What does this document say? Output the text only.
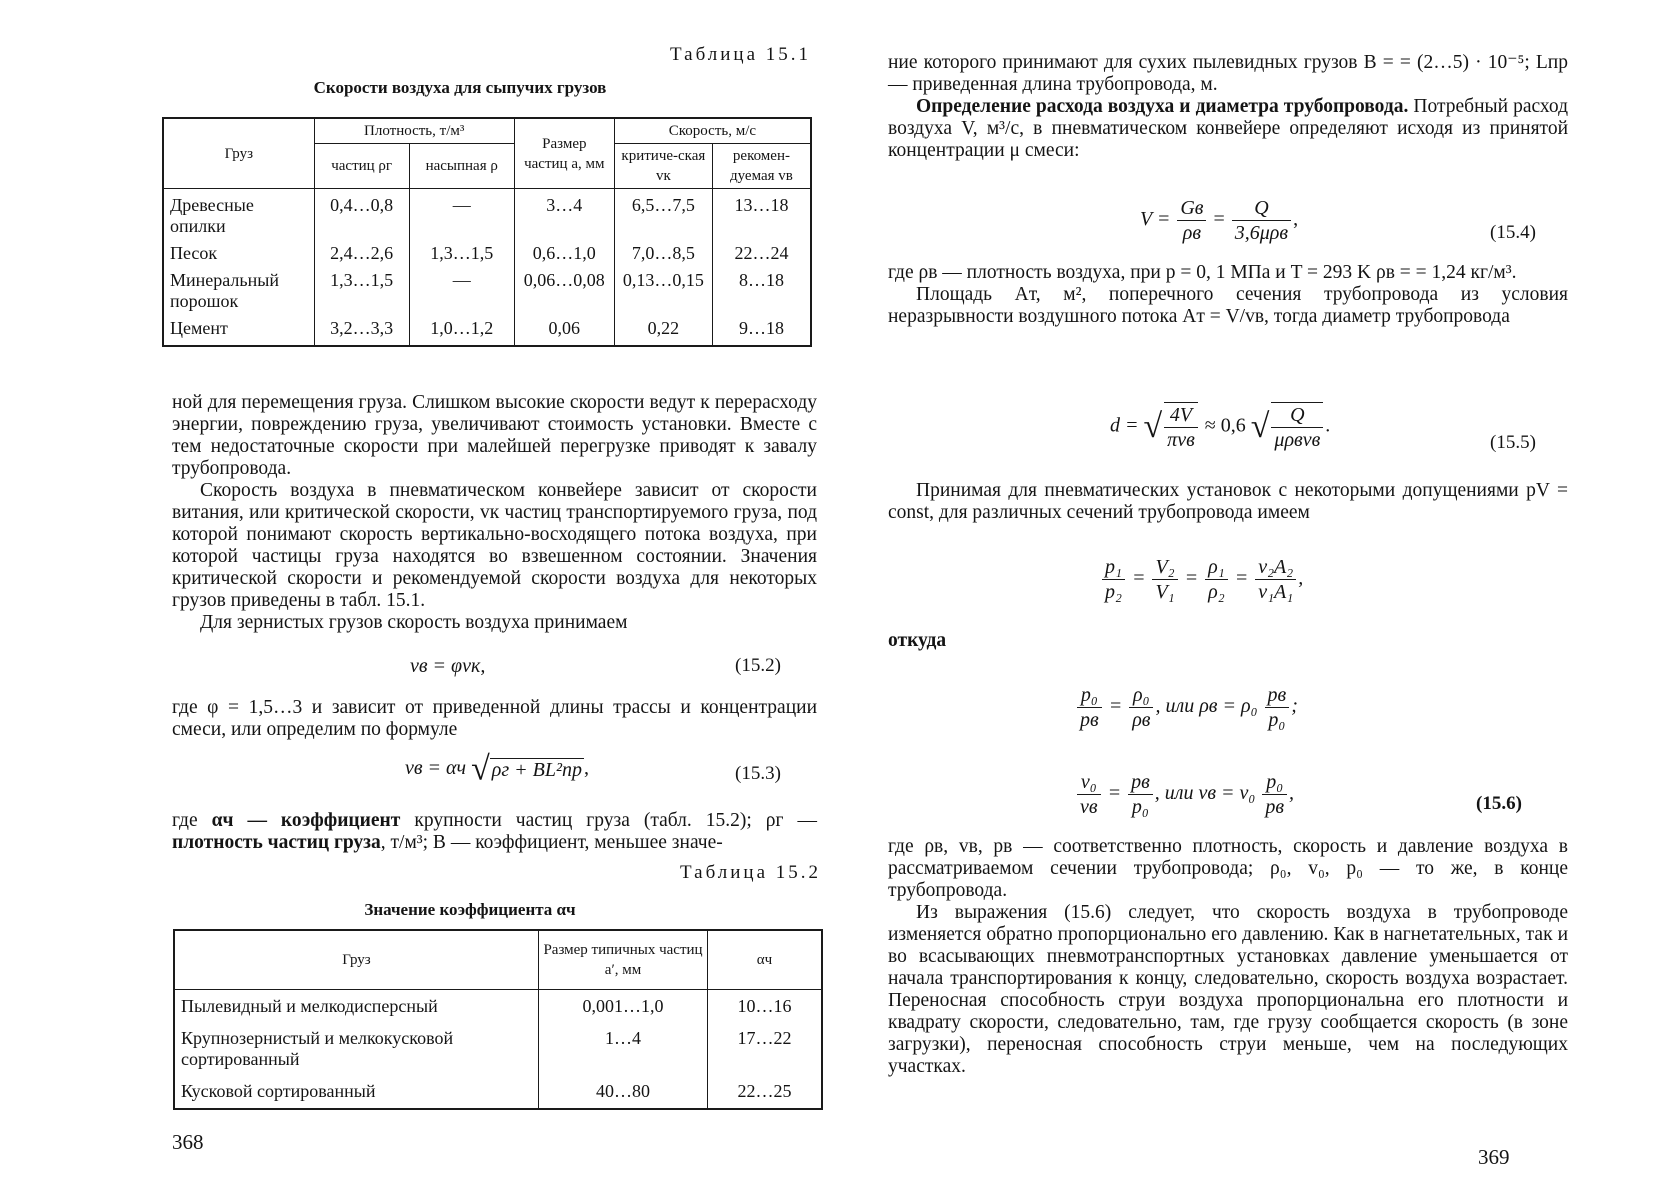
Таблица 15.1
Скорости воздуха для сыпучих грузов
Груз	Плотность, т/м³		Размер частиц a, мм	Скорость, м/с	
	частиц ρг	насыпная ρ		критиче-ская vк	рекомен-дуемая vв
Древесные опилки	0,4…0,8	—	3…4	6,5…7,5	13…18
Песок	2,4…2,6	1,3…1,5	0,6…1,0	7,0…8,5	22…24
Минеральный порошок	1,3…1,5	—	0,06…0,08	0,13…0,15	8…18
Цемент	3,2…3,3	1,0…1,2	0,06	0,22	9…18

ной для перемещения груза. Слишком высокие скорости ведут к перерасходу энергии, повреждению груза, увеличивают стоимость установки. Вместе с тем недостаточные скорости при малейшей перегрузке приводят к завалу трубопровода.

Скорость воздуха в пневматическом конвейере зависит от скорости витания, или критической скорости, vк частиц транспортируемого груза, под которой понимают скорость вертикально-восходящего потока воздуха, при которой частицы груза находятся во взвешенном состоянии. Значения критической скорости и рекомендуемой скорости воздуха для некоторых грузов приведены в табл. 15.1.

Для зернистых грузов скорость воздуха принимаем

vв = φvк,	(15.2)

где φ = 1,5…3 и зависит от приведенной длины трассы и концентрации смеси, или определим по формуле

vв = αч √ ρг + BL²пр ,	(15.3)

где αч — коэффициент крупности частиц груза (табл. 15.2); ρг — плотность частиц груза, т/м³; B — коэффициент, меньшее значе-

Таблица 15.2
Значение коэффициента αч
Груз	Размер типичных частиц a′, мм	αч
Пылевидный и мелкодисперсный	0,001…1,0	10…16
Крупнозернистый и мелкокусковой сортированный	1…4	17…22
Кусковой сортированный	40…80	22…25
368

ние которого принимают для сухих пылевидных грузов B = = (2…5) · 10⁻⁵; Lпр — приведенная длина трубопровода, м.

Определение расхода воздуха и диаметра трубопровода. Потребный расход воздуха V, м³/с, в пневматическом конвейере определяют исходя из принятой концентрации μ смеси:

$V = \frac{Gв}{\rho в} = \frac{Q}{\text{3,6μρв}}$ ,
(15.4)

где ρв — плотность воздуха, при p = 0, 1 МПа и T = 293 K ρв = = 1,24 кг/м³.

Площадь Aт, м², поперечного сечения трубопровода из условия неразрывности воздушного потока Aт = V/vв, тогда диаметр трубопровода

d = √ $\frac{4V}{\text{πvв}} \approx 0,6$ √ $\frac{Q}{\text{μρвvв}}$ .
(15.5)

Принимая для пневматических установок с некоторыми допущениями pV = const, для различных сечений трубопровода имеем

$\frac{\text{p₁}}{\text{p₂}} = \frac{\text{V₂}}{\text{V₁}} = \frac{\text{ρ₁}}{\text{ρ₂}} = \frac{\text{v₂A₂}}{\text{v₁A₁}}$ ,
откуда
$\frac{\text{p₀}}{pв} = \frac{\text{ρ₀}}{\rho в}$ , или $\rho в = \rho_0 \frac{pв}{\text{p₀}}$ ;
$\frac{\text{v₀}}{vв} = \frac{pв}{\text{p₀}}$ , или vв = $v_0 \frac{\text{p₀}}{pв}$ ,	(15.6)

где ρв, vв, pв — соответственно плотность, скорость и давление воздуха в рассматриваемом сечении трубопровода; ρ₀, v₀, p₀ — то же, в конце трубопровода.

Из выражения (15.6) следует, что скорость воздуха в трубопроводе изменяется обратно пропорционально его давлению. Как в нагнетательных, так и во всасывающих пневмотранспортных установках давление уменьшается от начала транспортирования к концу, следовательно, скорость воздуха возрастает. Переносная способность струи воздуха пропорциональна его плотности и квадрату скорости, следовательно, там, где грузу сообщается скорость (в зоне загрузки), переносная способность струи меньше, чем на последующих участках.

369
